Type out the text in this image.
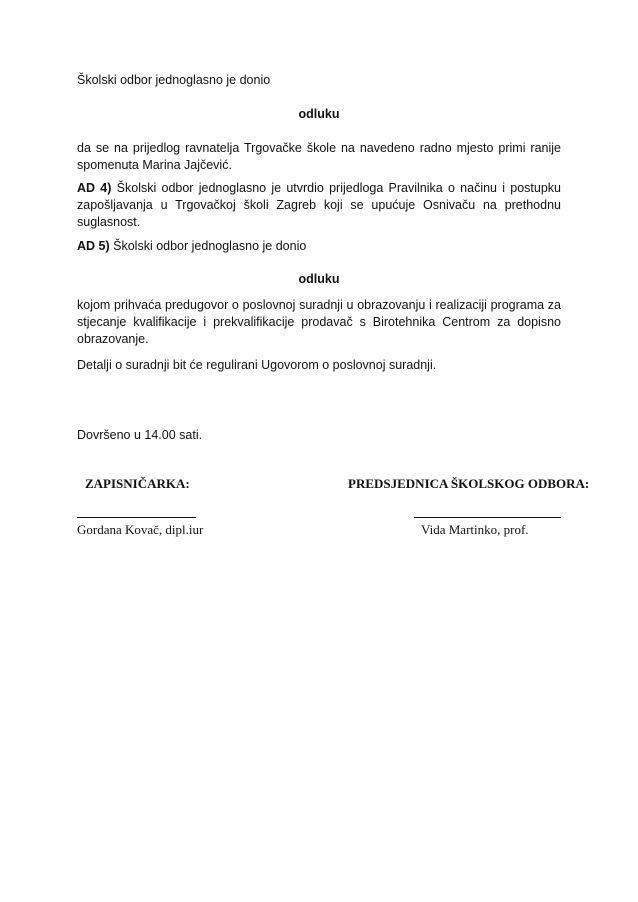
Školski odbor jednoglasno je donio

odluku

da se na prijedlog ravnatelja Trgovačke škole na navedeno radno mjesto primi ranije spomenuta Marina Jajčević.

AD 4) Školski odbor jednoglasno je utvrdio prijedloga Pravilnika o načinu i postupku zapošljavanja u Trgovačkoj školi Zagreb koji se upućuje Osnivaču na prethodnu suglasnost.

AD 5) Školski odbor jednoglasno je donio

odluku

kojom prihvaća predugovor o poslovnoj suradnji u obrazovanju i realizaciji programa za stjecanje kvalifikacije i prekvalifikacije prodavač s Birotehnika Centrom za dopisno obrazovanje.

Detalji o suradnji bit će regulirani Ugovorom o poslovnoj suradnji.

Dovršeno u 14.00 sati.

ZAPISNIČARKA:	PREDSJEDNICA ŠKOLSKOG ODBORA:
Gordana Kovač, dipl.iur	Vida Martinko, prof.
